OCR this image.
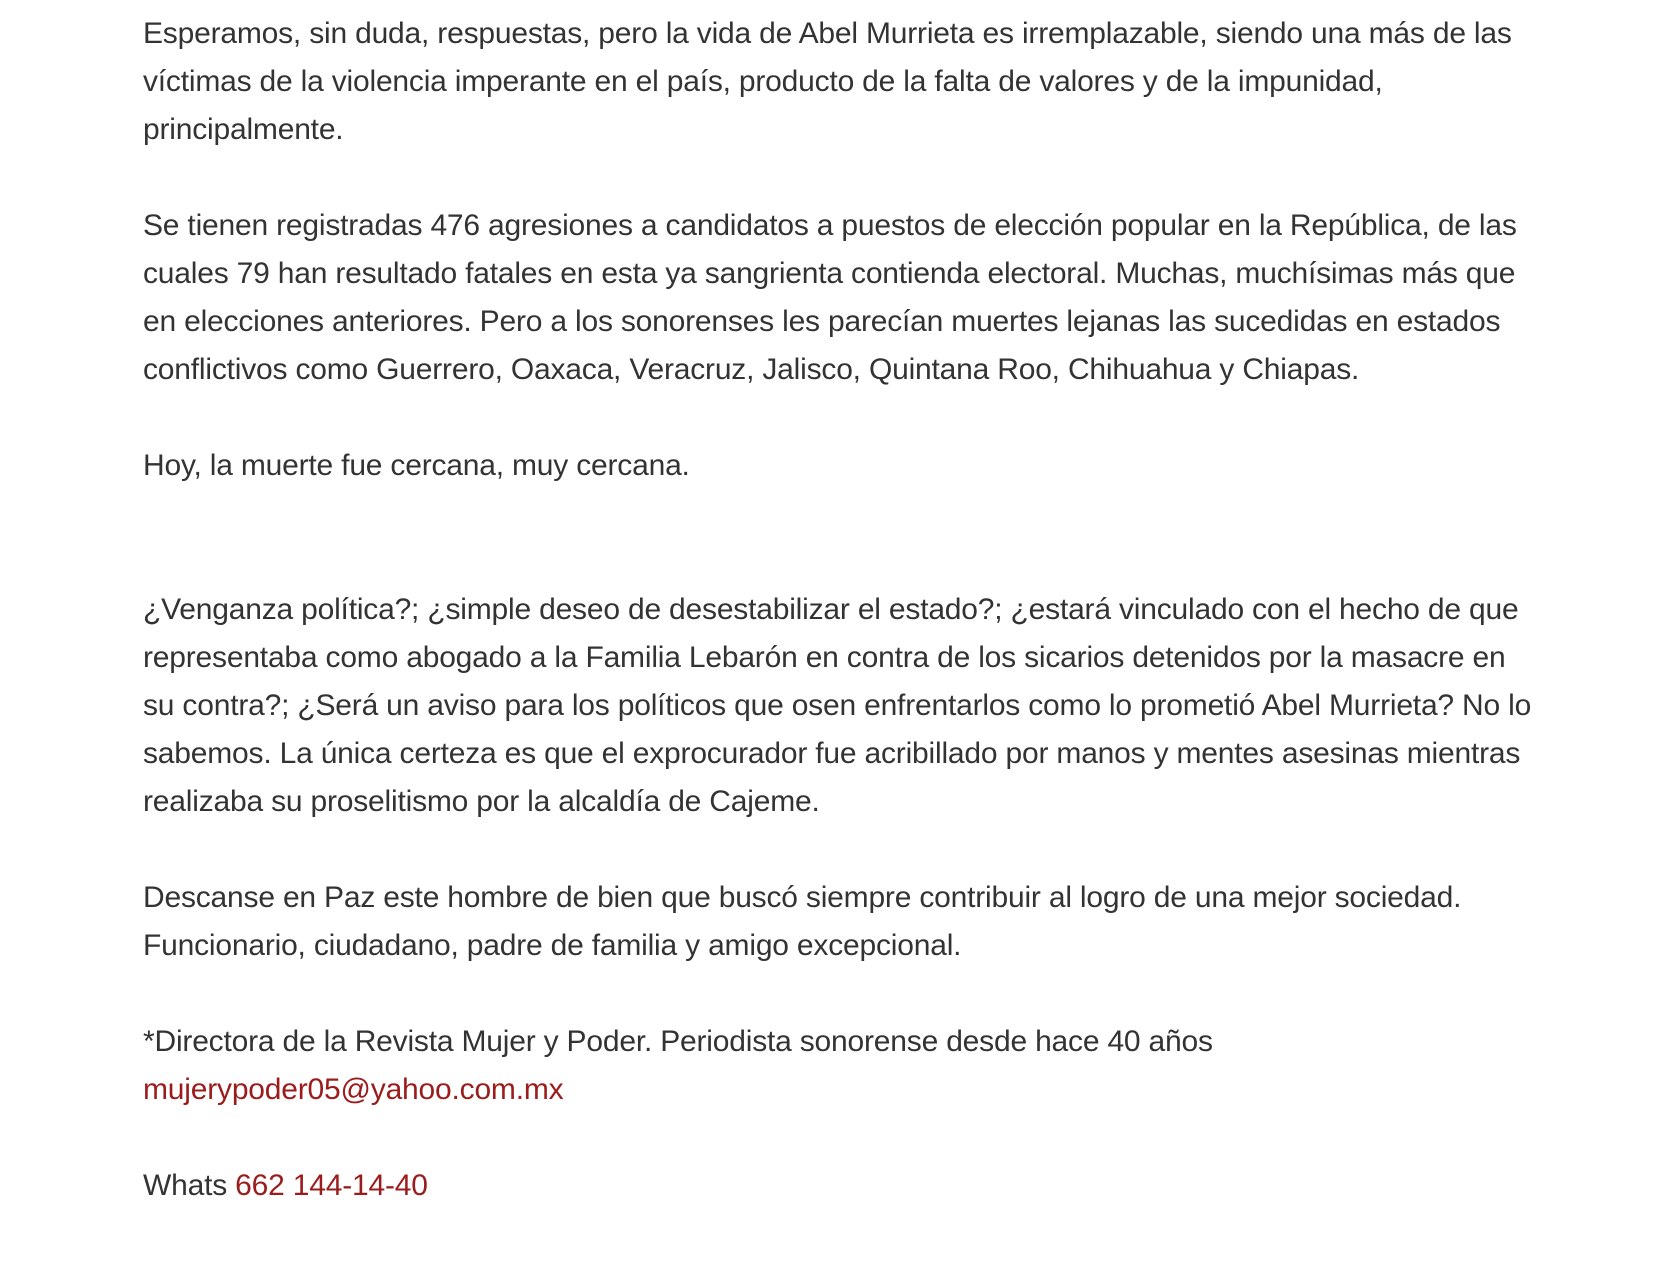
Esperamos, sin duda, respuestas, pero la vida de Abel Murrieta es irremplazable, siendo una más de las víctimas de la violencia imperante en el país, producto de la falta de valores y de la impunidad, principalmente.

Se tienen registradas 476 agresiones a candidatos a puestos de elección popular en la República, de las cuales 79 han resultado fatales en esta ya sangrienta contienda electoral. Muchas, muchísimas más que en elecciones anteriores. Pero a los sonorenses les parecían muertes lejanas las sucedidas en estados conflictivos como Guerrero, Oaxaca, Veracruz, Jalisco, Quintana Roo, Chihuahua y Chiapas.

Hoy, la muerte fue cercana, muy cercana.

¿Venganza política?; ¿simple deseo de desestabilizar el estado?; ¿estará vinculado con el hecho de que representaba como abogado a la Familia Lebarón en contra de los sicarios detenidos por la masacre en su contra?; ¿Será un aviso para los políticos que osen enfrentarlos como lo prometió Abel Murrieta? No lo sabemos. La única certeza es que el exprocurador fue acribillado por manos y mentes asesinas mientras realizaba su proselitismo por la alcaldía de Cajeme.

Descanse en Paz este hombre de bien que buscó siempre contribuir al logro de una mejor sociedad. Funcionario, ciudadano, padre de familia y amigo excepcional.

*Directora de la Revista Mujer y Poder. Periodista sonorense desde hace 40 años
mujerypoder05@yahoo.com.mx

Whats 662 144-14-40
